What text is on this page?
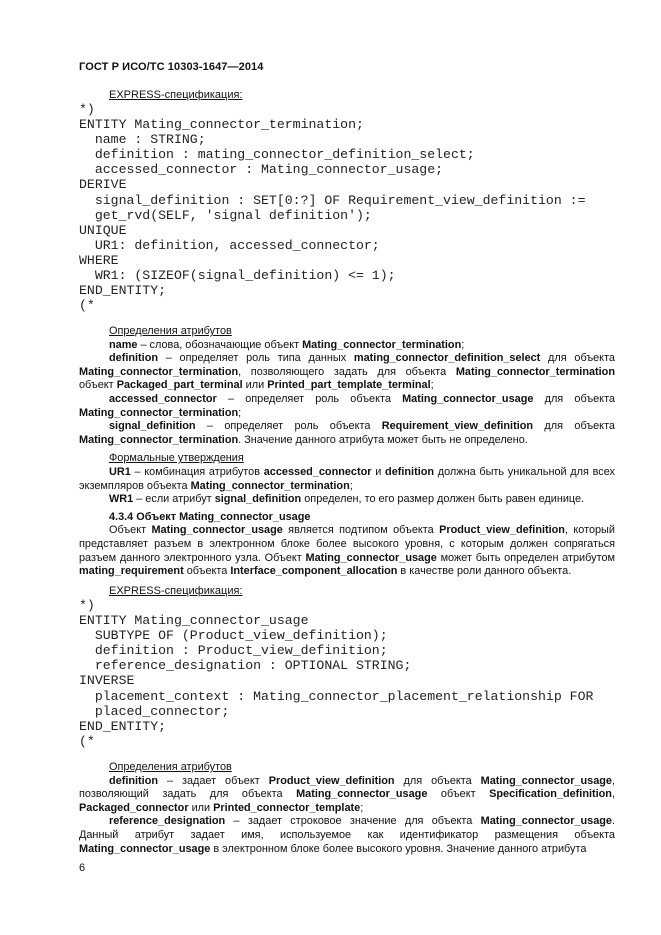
ГОСТ Р ИСО/ТС 10303-1647—2014
EXPRESS-спецификация:
*)
ENTITY Mating_connector_termination;
name : STRING;
definition : mating_connector_definition_select;
accessed_connector : Mating_connector_usage;
DERIVE
signal_definition : SET[0:?] OF Requirement_view_definition :=
get_rvd(SELF, 'signal definition');
UNIQUE
UR1: definition, accessed_connector;
WHERE
WR1: (SIZEOF(signal_definition) <= 1);
END_ENTITY;
(*

Определения атрибутов

name – слова, обозначающие объект Mating_connector_termination;

definition – определяет роль типа данных mating_connector_definition_select для объекта Mating_connector_termination, позволяющего задать для объекта Mating_connector_termination объект Packaged_part_terminal или Printed_part_template_terminal;

accessed_connector – определяет роль объекта Mating_connector_usage для объекта Mating_connector_termination;

signal_definition – определяет роль объекта Requirement_view_definition для объекта Mating_connector_termination. Значение данного атрибута может быть не определено.

Формальные утверждения

UR1 – комбинация атрибутов accessed_connector и definition должна быть уникальной для всех экземпляров объекта Mating_connector_termination;

WR1 – если атрибут signal_definition определен, то его размер должен быть равен единице.

4.3.4 Объект Mating_connector_usage

Объект Mating_connector_usage является подтипом объекта Product_view_definition, который представляет разъем в электронном блоке более высокого уровня, с которым должен сопрягаться разъем данного электронного узла. Объект Mating_connector_usage может быть определен атрибутом mating_requirement объекта Interface_component_allocation в качестве роли данного объекта.

EXPRESS-спецификация:
*)
ENTITY Mating_connector_usage
SUBTYPE OF (Product_view_definition);
definition : Product_view_definition;
reference_designation : OPTIONAL STRING;
INVERSE
placement_context : Mating_connector_placement_relationship FOR
placed_connector;
END_ENTITY;
(*

Определения атрибутов

definition – задает объект Product_view_definition для объекта Mating_connector_usage, позволяющий задать для объекта Mating_connector_usage объект Specification_definition, Packaged_connector или Printed_connector_template;

reference_designation – задает строковое значение для объекта Mating_connector_usage. Данный атрибут задает имя, используемое как идентификатор размещения объекта Mating_connector_usage в электронном блоке более высокого уровня. Значение данного атрибута

6
